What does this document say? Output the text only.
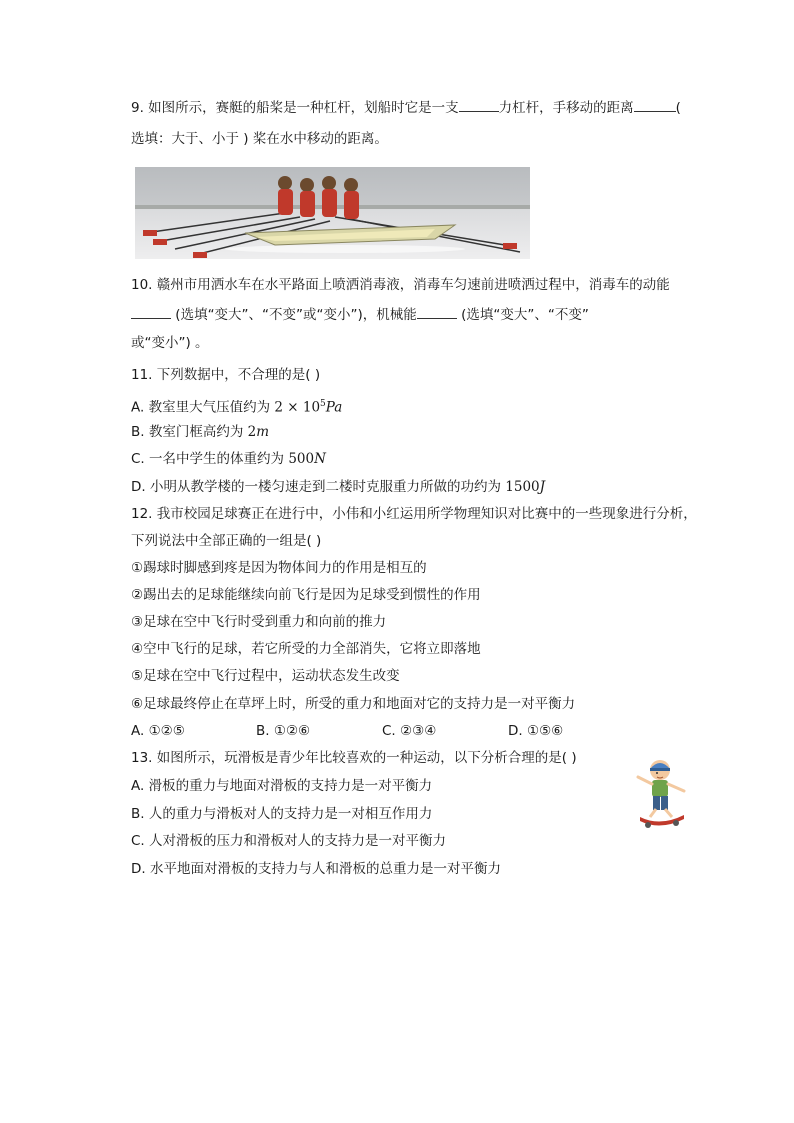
9. 如图所示，赛艇的船桨是一种杠杆，划船时它是一支	力杠杆，手移动的距离	(
选填：大于、小于 ) 桨在水中移动的距离。
10. 赣州市用洒水车在水平路面上喷洒消毒液，消毒车匀速前进喷洒过程中，消毒车的动能
(选填“变大”、“不变”或“变小”)，机械能	(选填“变大”、“不变”
或“变小”) 。
11. 下列数据中，不合理的是( )
A. 教室里大气压值约为 $2 \times 10^5Pa$
B. 教室门框高约为 2m
C. 一名中学生的体重约为 500N
D. 小明从教学楼的一楼匀速走到二楼时克服重力所做的功约为 1500J
12. 我市校园足球赛正在进行中，小伟和小红运用所学物理知识对比赛中的一些现象进行分析，
下列说法中全部正确的一组是( )
①踢球时脚感到疼是因为物体间力的作用是相互的
②踢出去的足球能继续向前飞行是因为足球受到惯性的作用
③足球在空中飞行时受到重力和向前的推力
④空中飞行的足球，若它所受的力全部消失，它将立即落地
⑤足球在空中飞行过程中，运动状态发生改变
⑥足球最终停止在草坪上时，所受的重力和地面对它的支持力是一对平衡力
A. ①②⑤	B. ①②⑥	C. ②③④	D. ①⑤⑥
13. 如图所示，玩滑板是青少年比较喜欢的一种运动，以下分析合理的是( )
A. 滑板的重力与地面对滑板的支持力是一对平衡力
B. 人的重力与滑板对人的支持力是一对相互作用力
C. 人对滑板的压力和滑板对人的支持力是一对平衡力
D. 水平地面对滑板的支持力与人和滑板的总重力是一对平衡力
